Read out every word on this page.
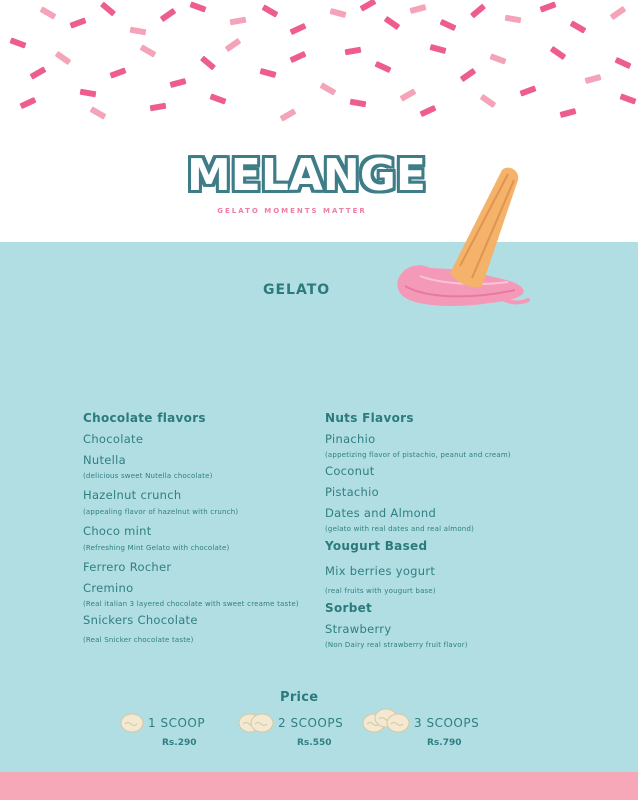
MELANGE
GELATO MOMENTS MATTER
GELATO
Chocolate flavors
Chocolate
Nutella
(delicious sweet Nutella chocolate)
Hazelnut crunch
(appealing flavor of hazelnut with crunch)
Choco mint
(Refreshing Mint Gelato with chocolate)
Ferrero Rocher
Cremino
(Real italian 3 layered chocolate with sweet creame taste)
Snickers Chocolate
(Real Snicker chocolate taste)
Nuts Flavors
Pinachio
(appetizing flavor of pistachio, peanut and cream)
Coconut
Pistachio
Dates and Almond
(gelato with real dates and real almond)
Yougurt Based
Mix berries yogurt
(real fruits with yougurt base)
Sorbet
Strawberry
(Non Dairy real strawberry fruit flavor)
Price
1 SCOOP
Rs.290
2 SCOOPS
Rs.550
3 SCOOPS
Rs.790
